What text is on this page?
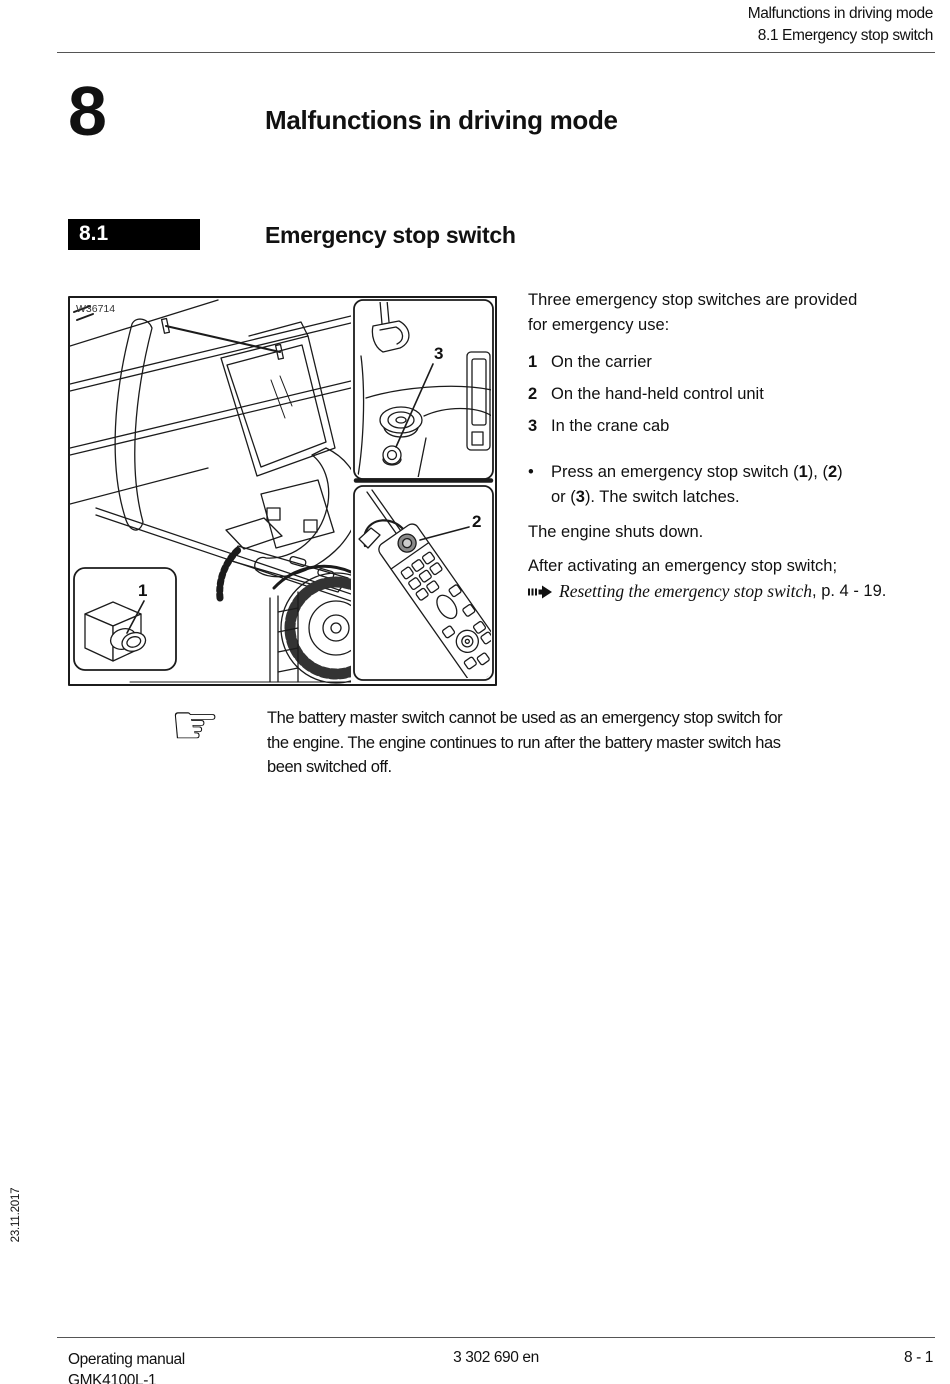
Malfunctions in driving mode
8.1 Emergency stop switch
8	Malfunctions in driving mode
8.1	Emergency stop switch
1
3
2
W36714	Three emergency stop switches are provided
for emergency use:
1 On the carrier
2 On the hand-held control unit
3 In the crane cab
•	Press an emergency stop switch (1), (2)
or (3). The switch latches.
The engine shuts down.
After activating an emergency stop switch;
Resetting the emergency stop switch , p. 4 - 19.
☞	The battery master switch cannot be used as an emergency stop switch for
the engine. The engine continues to run after the battery master switch has
been switched off.
23.11.2017
Operating manual
GMK4100L-1
3 302 690 en	8 - 1
